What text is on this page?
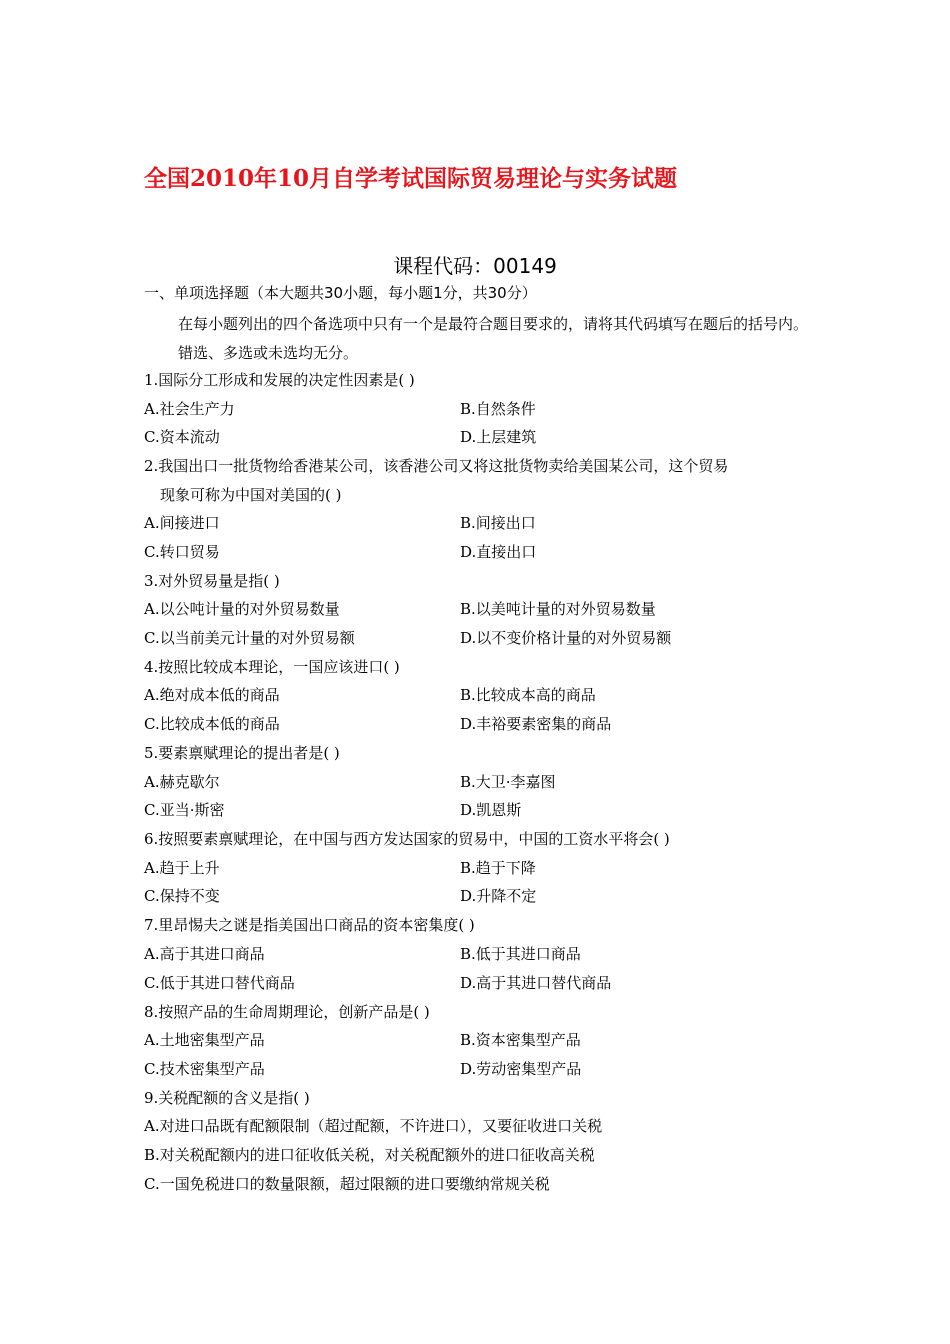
全国2010年10月自学考试国际贸易理论与实务试题
课程代码：00149
一、单项选择题（本大题共30小题，每小题1分，共30分）
在每小题列出的四个备选项中只有一个是最符合题目要求的，请将其代码填写在题后的括号内。错选、多选或未选均无分。
1.国际分工形成和发展的决定性因素是( )
A.社会生产力	B.自然条件
C.资本流动	D.上层建筑
2.我国出口一批货物给香港某公司，该香港公司又将这批货物卖给美国某公司，这个贸易
现象可称为中国对美国的( )
A.间接进口	B.间接出口
C.转口贸易	D.直接出口
3.对外贸易量是指( )
A.以公吨计量的对外贸易数量	B.以美吨计量的对外贸易数量
C.以当前美元计量的对外贸易额	D.以不变价格计量的对外贸易额
4.按照比较成本理论，一国应该进口( )
A.绝对成本低的商品	B.比较成本高的商品
C.比较成本低的商品	D.丰裕要素密集的商品
5.要素禀赋理论的提出者是( )
A.赫克歇尔	B.大卫·李嘉图
C.亚当·斯密	D.凯恩斯
6.按照要素禀赋理论，在中国与西方发达国家的贸易中，中国的工资水平将会( )
A.趋于上升	B.趋于下降
C.保持不变	D.升降不定
7.里昂惕夫之谜是指美国出口商品的资本密集度( )
A.高于其进口商品	B.低于其进口商品
C.低于其进口替代商品	D.高于其进口替代商品
8.按照产品的生命周期理论，创新产品是( )
A.土地密集型产品	B.资本密集型产品
C.技术密集型产品	D.劳动密集型产品
9.关税配额的含义是指( )
A.对进口品既有配额限制（超过配额，不许进口），又要征收进口关税
B.对关税配额内的进口征收低关税，对关税配额外的进口征收高关税
C.一国免税进口的数量限额，超过限额的进口要缴纳常规关税
